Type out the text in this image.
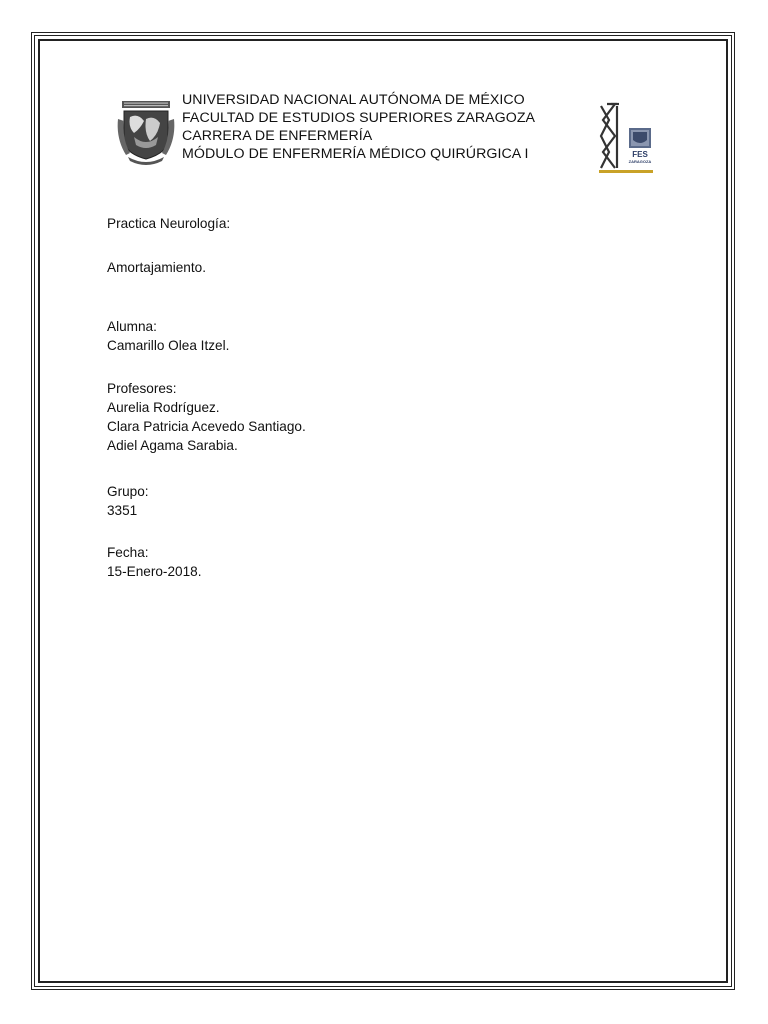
UNIVERSIDAD NACIONAL AUTÓNOMA DE MÉXICO
FACULTAD DE ESTUDIOS SUPERIORES ZARAGOZA
CARRERA DE ENFERMERÍA
MÓDULO DE ENFERMERÍA MÉDICO QUIRÚRGICA I	FES
ZARAGOZA
Practica Neurología:
Amortajamiento.
Alumna:
Camarillo Olea Itzel.
Profesores:
Aurelia Rodríguez.
Clara Patricia Acevedo Santiago.
Adiel Agama Sarabia.
Grupo:
3351
Fecha:
15-Enero-2018.
